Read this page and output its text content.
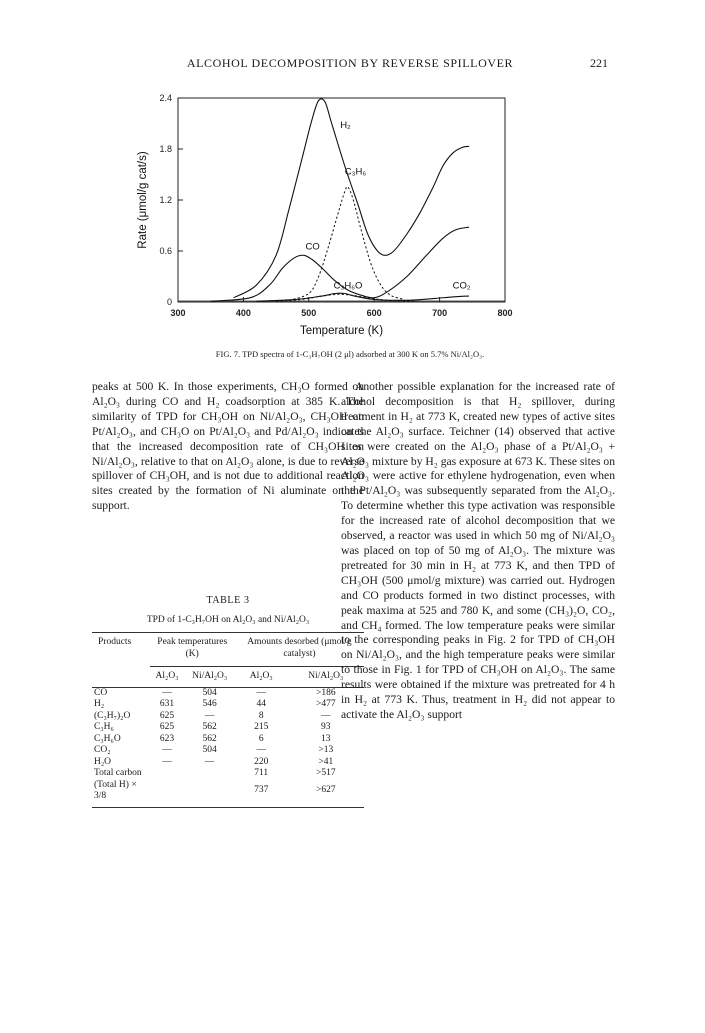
ALCOHOL DECOMPOSITION BY REVERSE SPILLOVER	221
300	400	500	600	700	800
0
0.6
1.2
1.8
2.4
Temperature (K)
Rate (μmol/g cat/s)
H₂
C₃H₆
CO
C₃H₆O	CO₂
FIG. 7. TPD spectra of 1-C₃H₇OH (2 μl) adsorbed at 300 K on 5.7% Ni/Al₂O₃.

peaks at 500 K. In those experiments, CH₃O formed on Al₂O₃ during CO and H₂ coadsorption at 385 K. The similarity of TPD for CH₃OH on Ni/Al₂O₃, CH₃OH on Pt/Al₂O₃, and CH₃O on Pt/Al₂O₃ and Pd/Al₂O₃ indicates that the increased decomposition rate of CH₃OH on Ni/Al₂O₃, relative to that on Al₂O₃ alone, is due to reverse spillover of CH₃OH, and is not due to additional reaction sites created by the formation of Ni aluminate on the support.

TABLE 3
TPD of 1-C₃H₇OH on Al₂O₃ and Ni/Al₂O₃

Products	Peak temperatures (K)		Amounts desorbed (μmol/g catalyst)	

	Al₂O₃	Ni/Al₂O₃	Al₂O₃	Ni/Al₂O₃

CO	—	504	—	>186
H₂	631	546	44	>477
(C₃H₇)₂O	625	—	8	—
C₃H₆	625	562	215	93
C₃H₆O	623	562	6	13
CO₂	—	504	—	>13
H₂O	—	—	220	>41
Total carbon			711	>517
(Total H) × 3/8			737	>627

Another possible explanation for the increased rate of alcohol decomposition is that H₂ spillover, during treatment in H₂ at 773 K, created new types of active sites on the Al₂O₃ surface. Teichner (14) observed that active sites were created on the Al₂O₃ phase of a Pt/Al₂O₃ + Al₂O₃ mixture by H₂ gas exposure at 673 K. These sites on Al₂O₃ were active for ethylene hydrogenation, even when the Pt/Al₂O₃ was subsequently separated from the Al₂O₃. To determine whether this type activation was responsible for the increased rate of alcohol decomposition that we observed, a reactor was used in which 50 mg of Ni/Al₂O₃ was placed on top of 50 mg of Al₂O₃. The mixture was pretreated for 30 min in H₂ at 773 K, and then TPD of CH₃OH (500 μmol/g mixture) was carried out. Hydrogen and CO products formed in two distinct processes, with peak maxima at 525 and 780 K, and some (CH₃)₂O, CO₂, and CH₄ formed. The low temperature peaks were similar to the corresponding peaks in Fig. 2 for TPD of CH₃OH on Ni/Al₂O₃, and the high temperature peaks were similar to those in Fig. 1 for TPD of CH₃OH on Al₂O₃. The same results were obtained if the mixture was pretreated for 4 h in H₂ at 773 K. Thus, treatment in H₂ did not appear to activate the Al₂O₃ support
